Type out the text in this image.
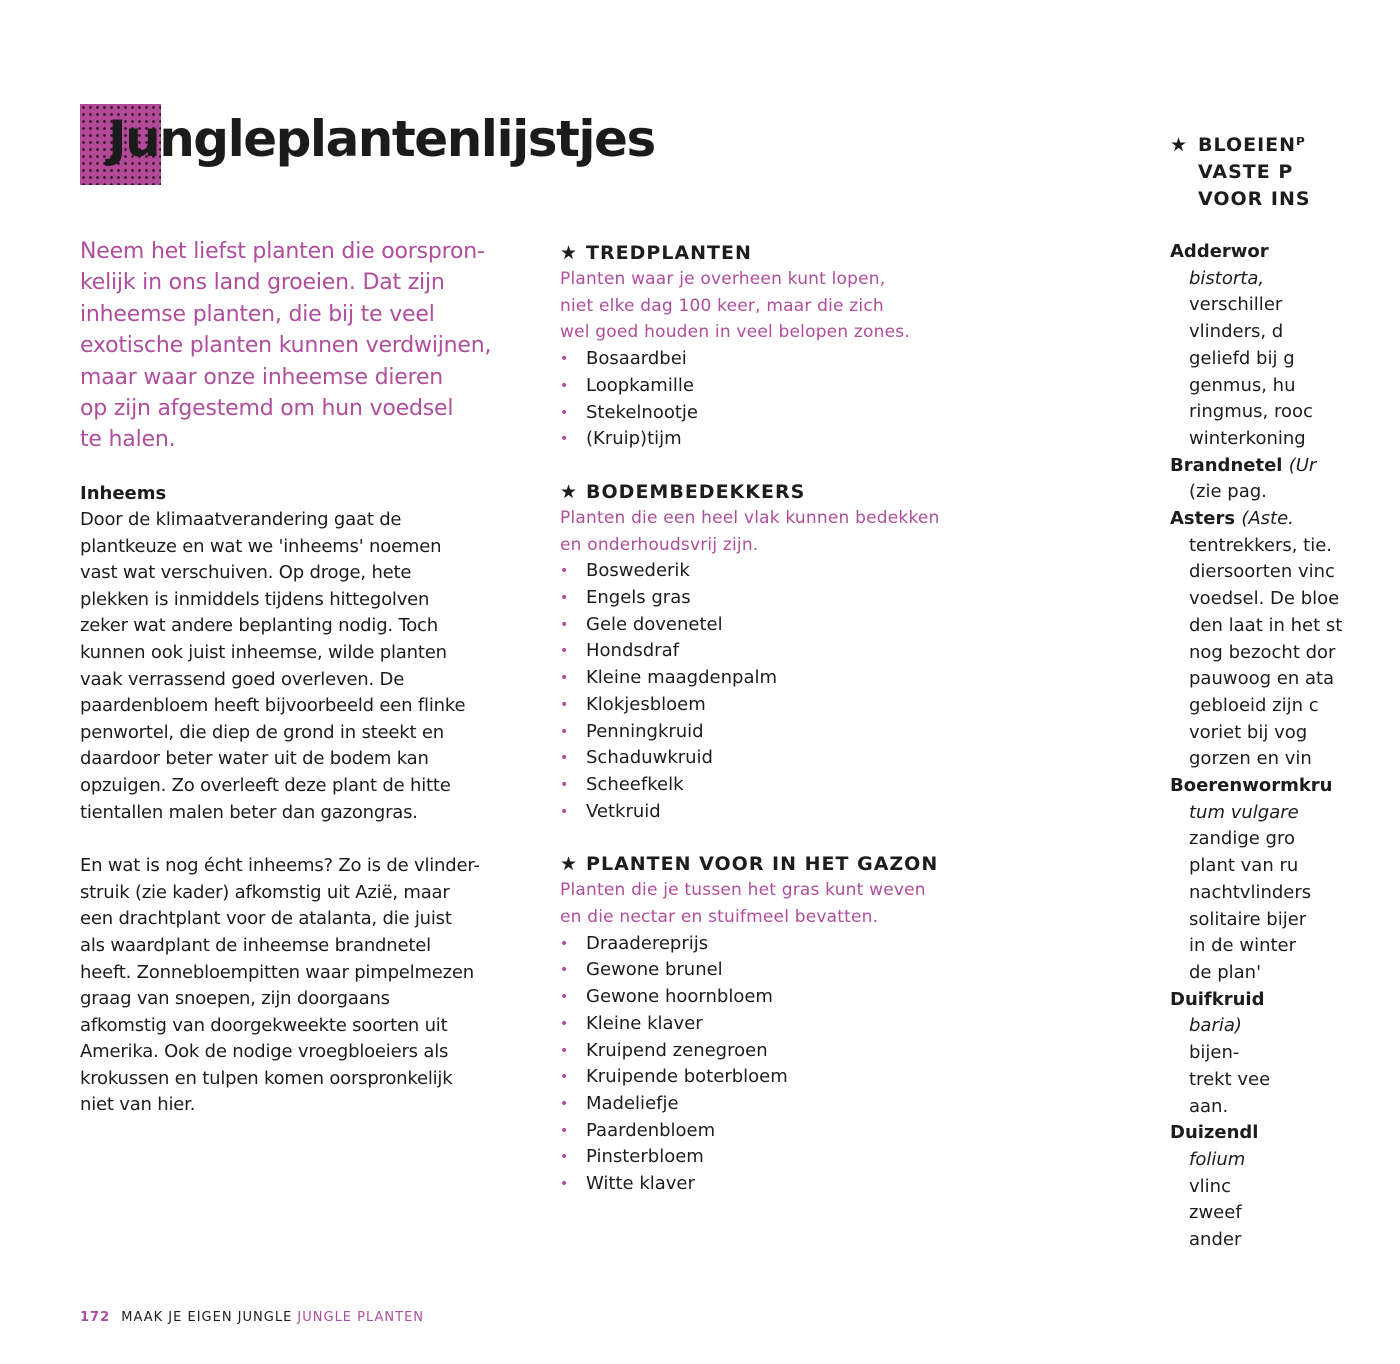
Jungleplantenlijstjes

Neem het liefst planten die oorspron-
kelijk in ons land groeien. Dat zijn
inheemse planten, die bij te veel
exotische planten kunnen verdwijnen,
maar waar onze inheemse dieren
op zijn afgestemd om hun voedsel
te halen.

Inheems

Door de klimaatverandering gaat de
plantkeuze en wat we 'inheems' noemen
vast wat verschuiven. Op droge, hete
plekken is inmiddels tijdens hittegolven
zeker wat andere beplanting nodig. Toch
kunnen ook juist inheemse, wilde planten
vaak verrassend goed overleven. De
paardenbloem heeft bijvoorbeeld een flinke
penwortel, die diep de grond in steekt en
daardoor beter water uit de bodem kan
opzuigen. Zo overleeft deze plant de hitte
tientallen malen beter dan gazongras.

En wat is nog écht inheems? Zo is de vlinder-
struik (zie kader) afkomstig uit Azië, maar
een drachtplant voor de atalanta, die juist
als waardplant de inheemse brandnetel
heeft. Zonnebloempitten waar pimpelmezen
graag van snoepen, zijn doorgaans
afkomstig van doorgekweekte soorten uit
Amerika. Ook de nodige vroegbloeiers als
krokussen en tulpen komen oorspronkelijk
niet van hier.

★ TREDPLANTEN

Planten waar je overheen kunt lopen,
niet elke dag 100 keer, maar die zich
wel goed houden in veel belopen zones.

• Bosaardbei
• Loopkamille
• Stekelnootje
• (Kruip)tijm
★ BODEMBEDEKKERS

Planten die een heel vlak kunnen bedekken
en onderhoudsvrij zijn.

• Boswederik
• Engels gras
• Gele dovenetel
• Hondsdraf
• Kleine maagdenpalm
• Klokjesbloem
• Penningkruid
• Schaduwkruid
• Scheefkelk
• Vetkruid
★ PLANTEN VOOR IN HET GAZON

Planten die je tussen het gras kunt weven
en die nectar en stuifmeel bevatten.

• Draadereprijs
• Gewone brunel
• Gewone hoornbloem
• Kleine klaver
• Kruipend zenegroen
• Kruipende boterbloem
• Madeliefje
• Paardenbloem
• Pinsterbloem
• Witte klaver
★ BLOEIENᴾ
VASTE P
VOOR INS
Adderwor
bistorta,
verschiller
vlinders, d
geliefd bij g
genmus, hu
ringmus, rooc
winterkoning
Brandnetel (Ur
(zie pag.
Asters (Aste.
tentrekkers, tie.
diersoorten vinc
voedsel. De bloe
den laat in het st
nog bezocht dor
pauwoog en ata
gebloeid zijn c
voriet bij vog
gorzen en vin
Boerenwormkru
tum vulgare
zandige gro
plant van ru
nachtvlinders
solitaire bijer
in de winter
de plan'
Duifkruid
baria)
bijen-
trekt vee
aan.
Duizendl
folium
vlinc
zweef
ander
172 MAAK JE EIGEN JUNGLE JUNGLE PLANTEN
